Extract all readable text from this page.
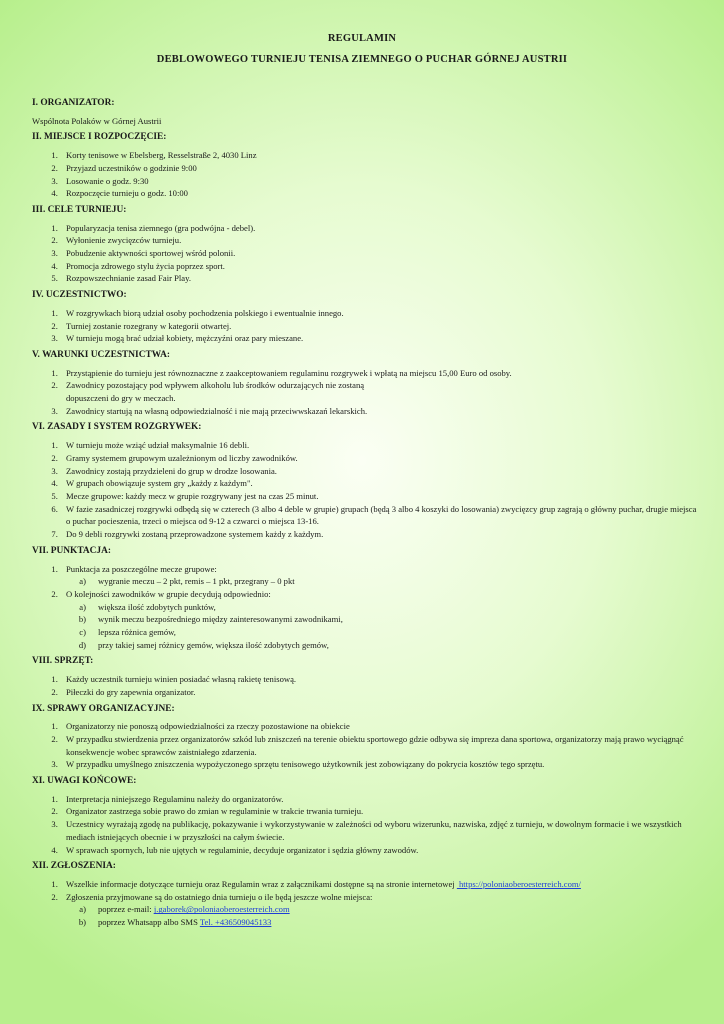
REGULAMIN
DEBLOWOWEGO TURNIEJU TENISA ZIEMNEGO O PUCHAR GÓRNEJ AUSTRII
I. ORGANIZATOR:
Wspólnota Polaków w Górnej Austrii
II. MIEJSCE I ROZPOCZĘCIE:
1. Korty tenisowe w Ebelsberg, Resselstraße 2, 4030 Linz
2. Przyjazd uczestników o godzinie 9:00
3. Losowanie o godz. 9:30
4. Rozpoczęcie turnieju o godz. 10:00
III. CELE TURNIEJU:
1. Popularyzacja tenisa ziemnego (gra podwójna - debel).
2. Wyłonienie zwycięzców turnieju.
3. Pobudzenie aktywności sportowej wśród polonii.
4. Promocja zdrowego stylu życia poprzez sport.
5. Rozpowszechnianie zasad Fair Play.
IV. UCZESTNICTWO:
1. W rozgrywkach biorą udział osoby pochodzenia polskiego i ewentualnie innego.
2. Turniej zostanie rozegrany w kategorii otwartej.
3. W turnieju mogą brać udział kobiety, mężczyźni oraz pary mieszane.
V. WARUNKI UCZESTNICTWA:
1. Przystąpienie do turnieju jest równoznaczne z zaakceptowaniem regulaminu rozgrywek i wpłatą na miejscu 15,00 Euro od osoby.
2. Zawodnicy pozostający pod wpływem alkoholu lub środków odurzających nie zostaną
dopuszczeni do gry w meczach.
3. Zawodnicy startują na własną odpowiedzialność i nie mają przeciwwskazań lekarskich.
VI. ZASADY I SYSTEM ROZGRYWEK:
1. W turnieju może wziąć udział maksymalnie 16 debli.
2. Gramy systemem grupowym uzależnionym od liczby zawodników.
3. Zawodnicy zostają przydzieleni do grup w drodze losowania.
4. W grupach obowiązuje system gry „każdy z każdym".
5. Mecze grupowe: każdy mecz w grupie rozgrywany jest na czas 25 minut.
6. W fazie zasadniczej rozgrywki odbędą się w czterech (3 albo 4 deble w grupie) grupach (będą 3 albo 4 koszyki do losowania) zwycięzcy grup zagrają o główny puchar, drugie miejsca o puchar pocieszenia, trzeci o miejsca od 9-12 a czwarci o miejsca 13-16.
7. Do 9 debli rozgrywki zostaną przeprowadzone systemem każdy z każdym.
VII. PUNKTACJA:
1. Punktacja za poszczególne mecze grupowe:
a. wygranie meczu – 2 pkt, remis – 1 pkt, przegrany – 0 pkt
2. O kolejności zawodników w grupie decydują odpowiednio:
a. większa ilość zdobytych punktów,
b. wynik meczu bezpośredniego między zainteresowanymi zawodnikami,
c. lepsza różnica gemów,
d. przy takiej samej różnicy gemów, większa ilość zdobytych gemów,
VIII. SPRZĘT:
1. Każdy uczestnik turnieju winien posiadać własną rakietę tenisową.
2. Piłeczki do gry zapewnia organizator.
IX. SPRAWY ORGANIZACYJNE:
1. Organizatorzy nie ponoszą odpowiedzialności za rzeczy pozostawione na obiekcie
2. W przypadku stwierdzenia przez organizatorów szkód lub zniszczeń na terenie obiektu sportowego gdzie odbywa się impreza dana sportowa, organizatorzy mają prawo wyciągnąć konsekwencje wobec sprawców zaistniałego zdarzenia.
3. W przypadku umyślnego zniszczenia wypożyczonego sprzętu tenisowego użytkownik jest zobowiązany do pokrycia kosztów tego sprzętu.
XI. UWAGI KOŃCOWE:
1. Interpretacja niniejszego Regulaminu należy do organizatorów.
2. Organizator zastrzega sobie prawo do zmian w regulaminie w trakcie trwania turnieju.
3. Uczestnicy wyrażają zgodę na publikację, pokazywanie i wykorzystywanie w zależności od wyboru wizerunku, nazwiska, zdjęć z turnieju, w dowolnym formacie i we wszystkich mediach istniejących obecnie i w przyszłości na całym świecie.
4. W sprawach spornych, lub nie ujętych w regulaminie, decyduje organizator i sędzia główny zawodów.
XII. ZGŁOSZENIA:
1. Wszelkie informacje dotyczące turnieju oraz Regulamin wraz z załącznikami dostępne są na stronie internetowej  https://poloniaoberoesterreich.com/
2. Zgłoszenia przyjmowane są do ostatniego dnia turnieju o ile będą jeszcze wolne miejsca:
a. poprzez e-mail: j.gaborek@poloniaoberoesterreich.com
b. poprzez Whatsapp albo SMS Tel. +436509045133
